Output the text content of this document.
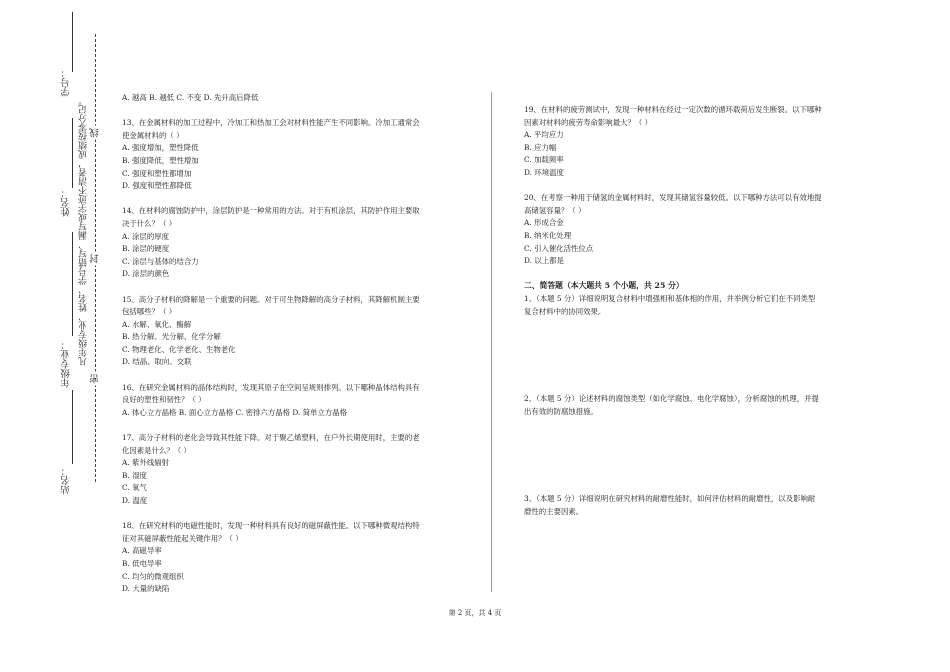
学号：
姓名：
年级专业：
站名：
凡年级专业、姓名、学号错写、漏写或字迹不清者，成绩按零分记。 线
封
密

A. 越高 B. 越低 C. 不变 D. 先升高后降低

13、在金属材料的加工过程中，冷加工和热加工会对材料性能产生不同影响。冷加工通常会

使金属材料的（ ）

A. 强度增加，塑性降低

B. 强度降低，塑性增加

C. 强度和塑性都增加

D. 强度和塑性都降低

14、在材料的腐蚀防护中，涂层防护是一种常用的方法。对于有机涂层，其防护作用主要取

决于什么？（ ）

A. 涂层的厚度

B. 涂层的硬度

C. 涂层与基体的结合力

D. 涂层的颜色

15、高分子材料的降解是一个重要的问题。对于可生物降解的高分子材料，其降解机制主要

包括哪些？（ ）

A. 水解、氧化、酶解

B. 热分解、光分解、化学分解

C. 物理老化、化学老化、生物老化

D. 结晶、取向、交联

16、在研究金属材料的晶体结构时，发现其原子在空间呈规则排列。以下哪种晶体结构具有

良好的塑性和韧性？（ ）

A. 体心立方晶格 B. 面心立方晶格 C. 密排六方晶格 D. 简单立方晶格

17、高分子材料的老化会导致其性能下降。对于聚乙烯塑料，在户外长期使用时，主要的老

化因素是什么？（ ）

A. 紫外线辐射

B. 湿度

C. 氧气

D. 温度

18、在研究材料的电磁性能时，发现一种材料具有良好的磁屏蔽性能。以下哪种微观结构特

征对其磁屏蔽性能起关键作用？（ ）

A. 高磁导率

B. 低电导率

C. 均匀的微观组织

D. 大量的缺陷

19、在材料的疲劳测试中，发现一种材料在经过一定次数的循环载荷后发生断裂。以下哪种

因素对材料的疲劳寿命影响最大？（ ）

A. 平均应力

B. 应力幅

C. 加载频率

D. 环境温度

20、在考察一种用于储氢的金属材料时，发现其储氢容量较低。以下哪种方法可以有效地提

高储氢容量？（ ）

A. 形成合金

B. 纳米化处理

C. 引入催化活性位点

D. 以上都是

二、简答题（本大题共 5 个小题，共 25 分）

1、（本题 5 分）详细说明复合材料中增强相和基体相的作用，并举例分析它们在不同类型

复合材料中的协同效果。

2、（本题 5 分）论述材料的腐蚀类型（如化学腐蚀、电化学腐蚀），分析腐蚀的机理，并提

出有效的防腐蚀措施。

3、（本题 5 分）详细说明在研究材料的耐磨性能时，如何评估材料的耐磨性，以及影响耐

磨性的主要因素。

第 2 页，共 4 页
